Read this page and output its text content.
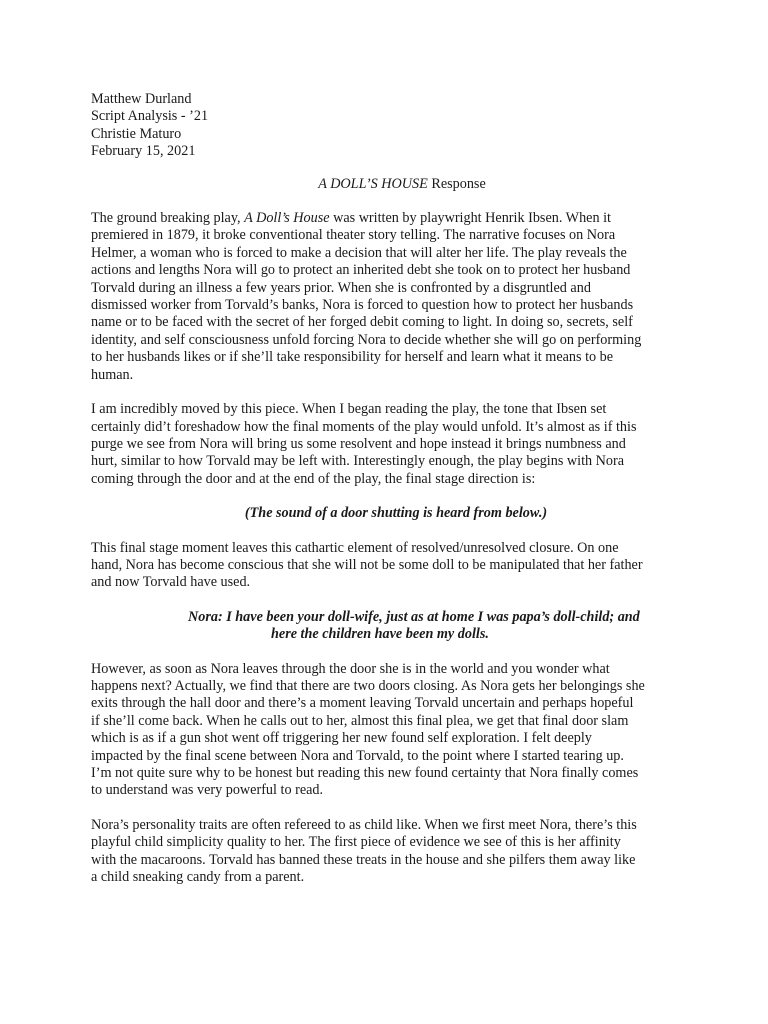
Matthew Durland
Script Analysis - ’21
Christie Maturo
February 15, 2021
A DOLL’S HOUSE Response

The ground breaking play, A Doll’s House was written by playwright Henrik Ibsen. When it
premiered in 1879, it broke conventional theater story telling. The narrative focuses on Nora
Helmer, a woman who is forced to make a decision that will alter her life. The play reveals the
actions and lengths Nora will go to protect an inherited debt she took on to protect her husband
Torvald during an illness a few years prior. When she is confronted by a disgruntled and
dismissed worker from Torvald’s banks, Nora is forced to question how to protect her husbands
name or to be faced with the secret of her forged debit coming to light. In doing so, secrets, self
identity, and self consciousness unfold forcing Nora to decide whether she will go on performing
to her husbands likes or if she’ll take responsibility for herself and learn what it means to be
human.

I am incredibly moved by this piece. When I began reading the play, the tone that Ibsen set
certainly did’t foreshadow how the final moments of the play would unfold. It’s almost as if this
purge we see from Nora will bring us some resolvent and hope instead it brings numbness and
hurt, similar to how Torvald may be left with. Interestingly enough, the play begins with Nora
coming through the door and at the end of the play, the final stage direction is:

(The sound of a door shutting is heard from below.)

This final stage moment leaves this cathartic element of resolved/unresolved closure. On one
hand, Nora has become conscious that she will not be some doll to be manipulated that her father
and now Torvald have used.

Nora: I have been your doll-wife, just as at home I was papa’s doll-child; and
here the children have been my dolls.

However, as soon as Nora leaves through the door she is in the world and you wonder what
happens next? Actually, we find that there are two doors closing. As Nora gets her belongings she
exits through the hall door and there’s a moment leaving Torvald uncertain and perhaps hopeful
if she’ll come back. When he calls out to her, almost this final plea, we get that final door slam
which is as if a gun shot went off triggering her new found self exploration. I felt deeply
impacted by the final scene between Nora and Torvald, to the point where I started tearing up.
I’m not quite sure why to be honest but reading this new found certainty that Nora finally comes
to understand was very powerful to read.

Nora’s personality traits are often refereed to as child like. When we first meet Nora, there’s this
playful child simplicity quality to her. The first piece of evidence we see of this is her affinity
with the macaroons. Torvald has banned these treats in the house and she pilfers them away like
a child sneaking candy from a parent.
